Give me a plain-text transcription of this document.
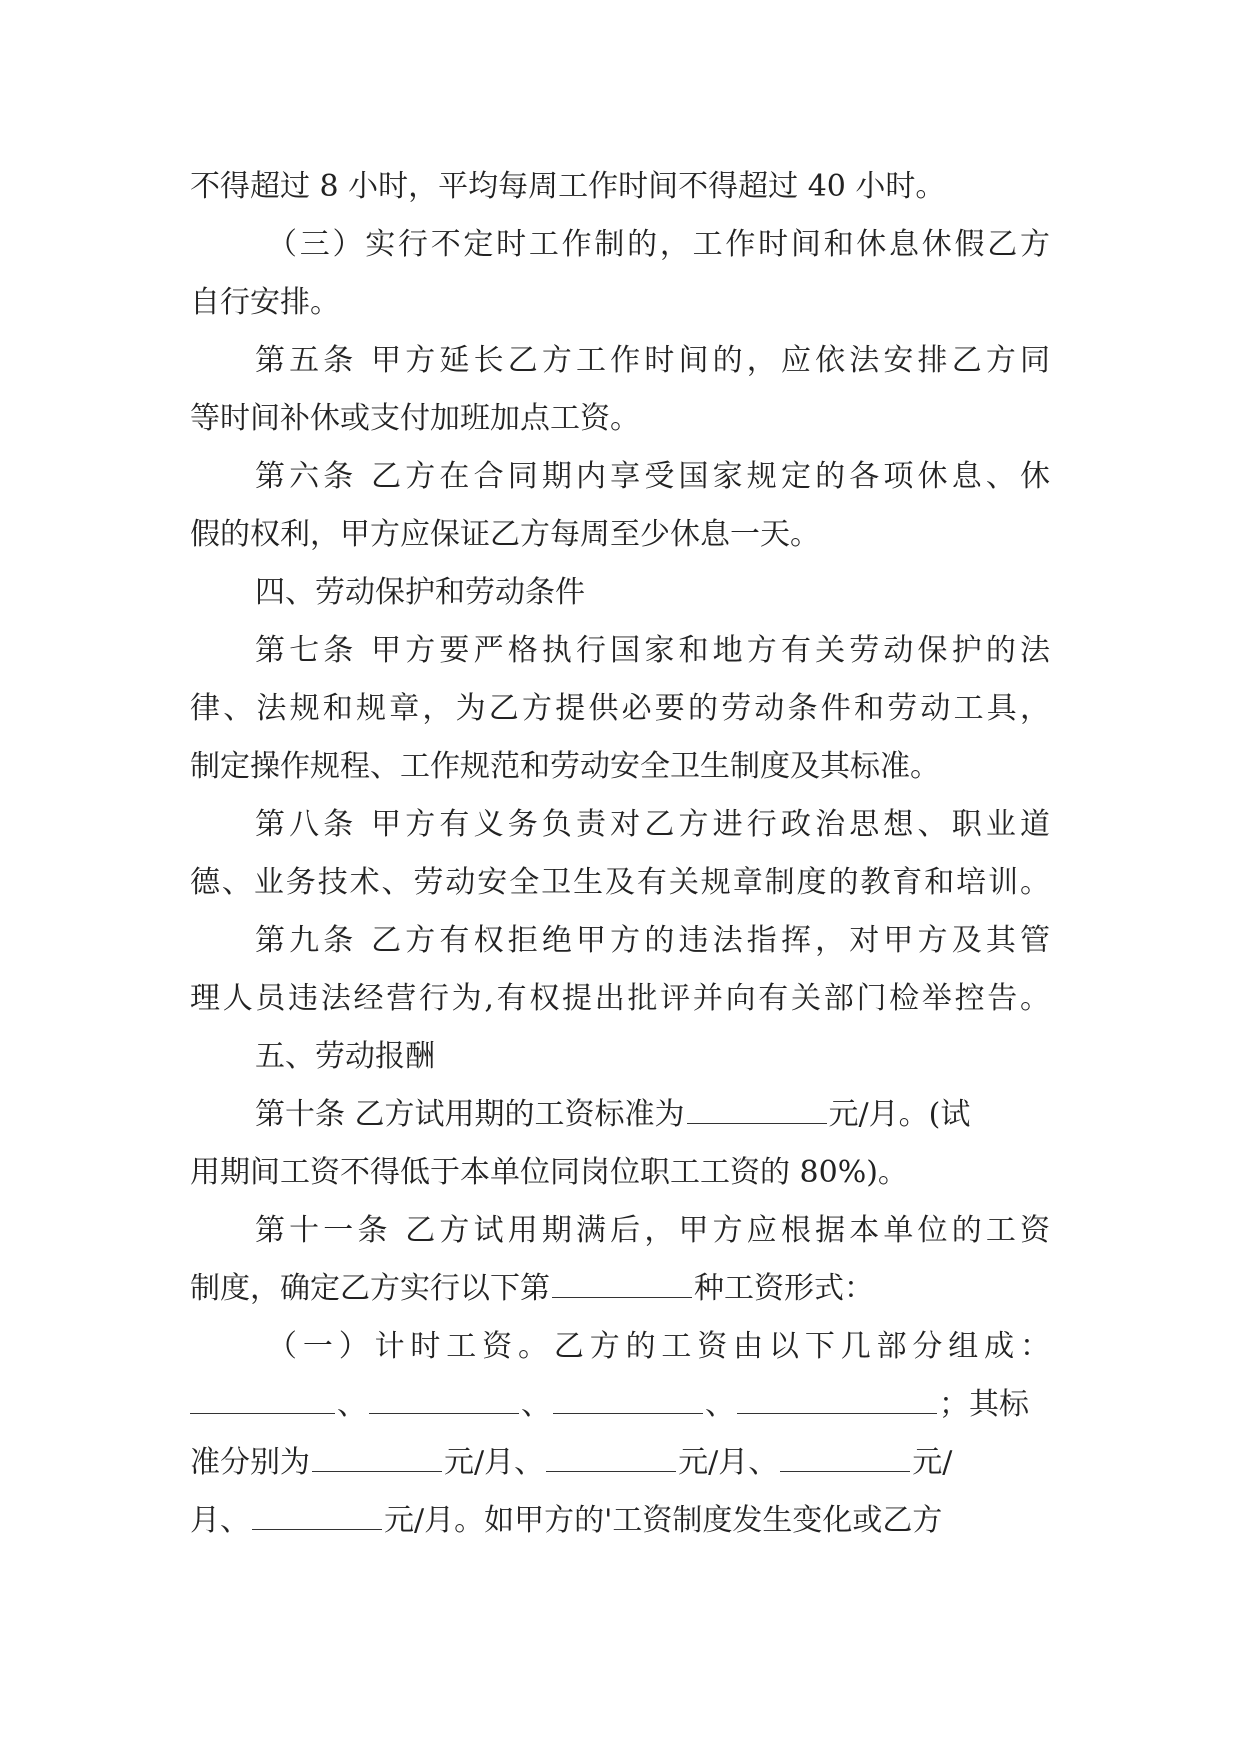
不得超过 8 小时，平均每周工作时间不得超过 40 小时。
（三）实行不定时工作制的，工作时间和休息休假乙方
自行安排。
第五条 甲方延长乙方工作时间的，应依法安排乙方同
等时间补休或支付加班加点工资。
第六条 乙方在合同期内享受国家规定的各项休息、休
假的权利，甲方应保证乙方每周至少休息一天。
四、劳动保护和劳动条件
第七条 甲方要严格执行国家和地方有关劳动保护的法
律、法规和规章，为乙方提供必要的劳动条件和劳动工具，
制定操作规程、工作规范和劳动安全卫生制度及其标准。
第八条 甲方有义务负责对乙方进行政治思想、职业道
德、业务技术、劳动安全卫生及有关规章制度的教育和培训。
第九条 乙方有权拒绝甲方的违法指挥，对甲方及其管
理人员违法经营行为,有权提出批评并向有关部门检举控告。
五、劳动报酬
第十条 乙方试用期的工资标准为	元/月。(试
用期间工资不得低于本单位同岗位职工工资的 80%)。
第十一条 乙方试用期满后，甲方应根据本单位的工资
制度，确定乙方实行以下第	种工资形式：
（一）计时工资。乙方的工资由以下几部分组成：
、	、	、	；其标
准分别为	元/月、	元/月、	元/
月、	元/月。如甲方的'工资制度发生变化或乙方
